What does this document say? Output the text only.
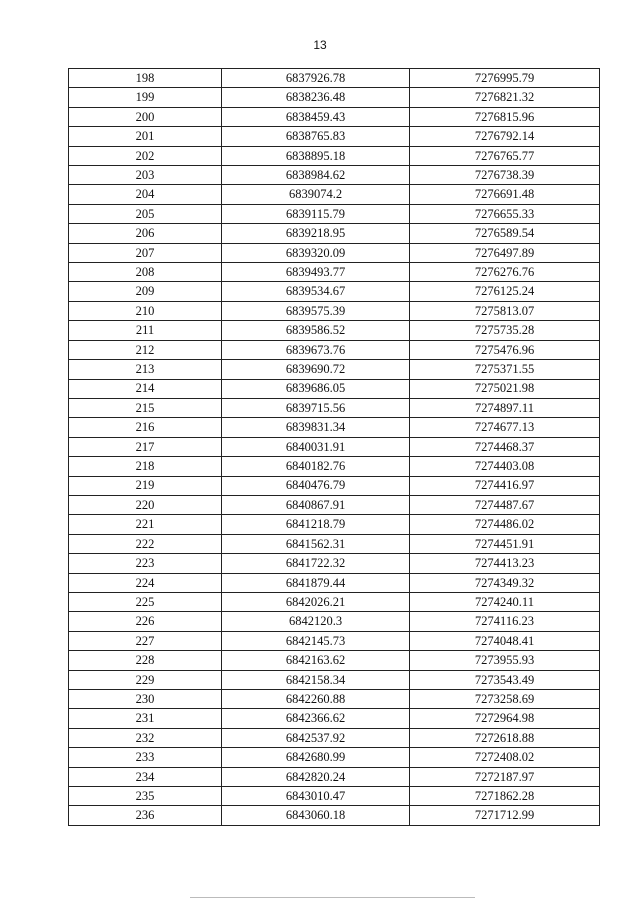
13
198	6837926.78	7276995.79
199	6838236.48	7276821.32
200	6838459.43	7276815.96
201	6838765.83	7276792.14
202	6838895.18	7276765.77
203	6838984.62	7276738.39
204	6839074.2	7276691.48
205	6839115.79	7276655.33
206	6839218.95	7276589.54
207	6839320.09	7276497.89
208	6839493.77	7276276.76
209	6839534.67	7276125.24
210	6839575.39	7275813.07
211	6839586.52	7275735.28
212	6839673.76	7275476.96
213	6839690.72	7275371.55
214	6839686.05	7275021.98
215	6839715.56	7274897.11
216	6839831.34	7274677.13
217	6840031.91	7274468.37
218	6840182.76	7274403.08
219	6840476.79	7274416.97
220	6840867.91	7274487.67
221	6841218.79	7274486.02
222	6841562.31	7274451.91
223	6841722.32	7274413.23
224	6841879.44	7274349.32
225	6842026.21	7274240.11
226	6842120.3	7274116.23
227	6842145.73	7274048.41
228	6842163.62	7273955.93
229	6842158.34	7273543.49
230	6842260.88	7273258.69
231	6842366.62	7272964.98
232	6842537.92	7272618.88
233	6842680.99	7272408.02
234	6842820.24	7272187.97
235	6843010.47	7271862.28
236	6843060.18	7271712.99
